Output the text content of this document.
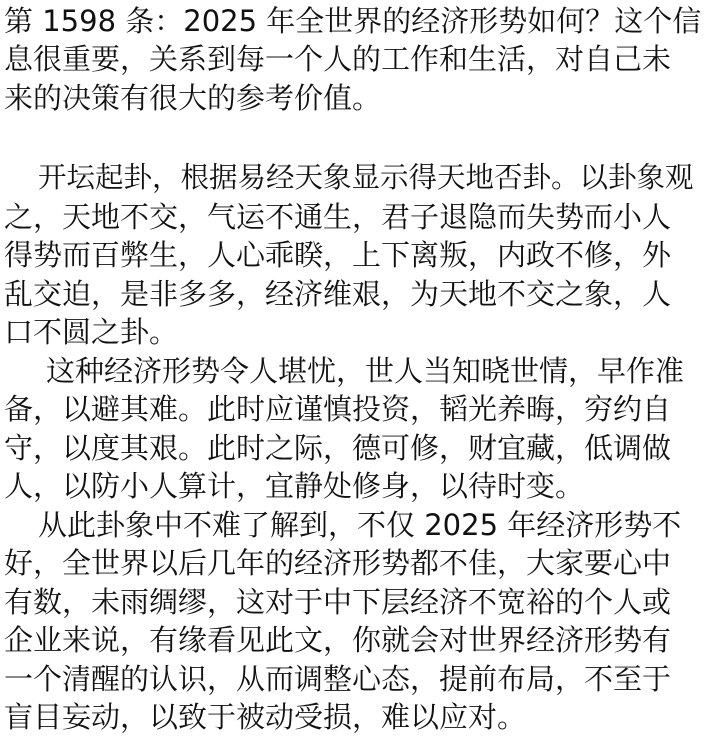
第 1598 条：2025 年全世界的经济形势如何？这个信
息很重要，关系到每一个人的工作和生活，对自己未
来的决策有很大的参考价值。
开坛起卦，根据易经天象显示得天地否卦。以卦象观
之，天地不交，气运不通生，君子退隐而失势而小人
得势而百弊生，人心乖睽，上下离叛，内政不修，外
乱交迫，是非多多，经济维艰，为天地不交之象，人
口不圆之卦。
这种经济形势令人堪忧，世人当知晓世情，早作准
备，以避其难。此时应谨慎投资，韬光养晦，穷约自
守，以度其艰。此时之际，德可修，财宜藏，低调做
人，以防小人算计，宜静处修身，以待时变。
从此卦象中不难了解到，不仅 2025 年经济形势不
好，全世界以后几年的经济形势都不佳，大家要心中
有数，未雨绸缪，这对于中下层经济不宽裕的个人或
企业来说，有缘看见此文，你就会对世界经济形势有
一个清醒的认识，从而调整心态，提前布局，不至于
盲目妄动，以致于被动受损，难以应对。
